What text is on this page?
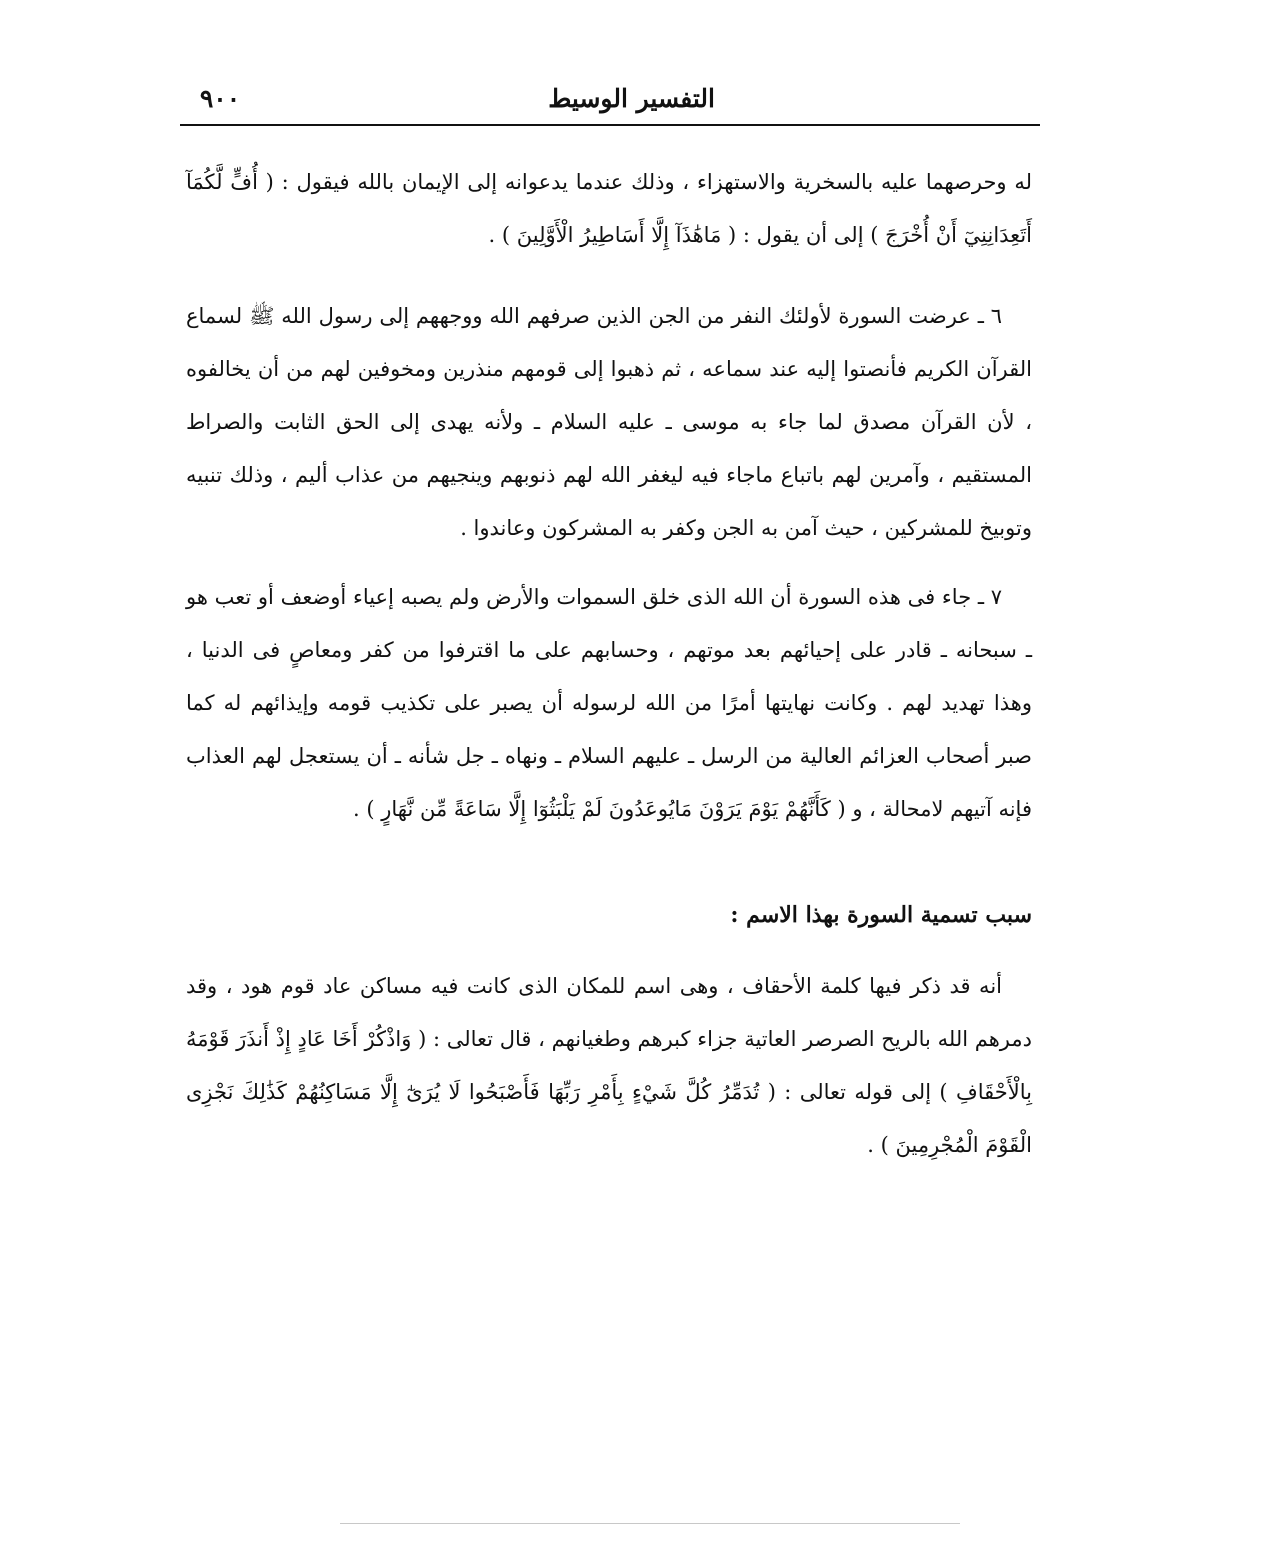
التفسير الوسيط
٩٠٠

له وحرصهما عليه بالسخرية والاستهزاء ، وذلك عندما يدعوانه إلى الإيمان بالله فيقول : ( أُفٍّ لَّكُمَآ أَتَعِدَانِنِيٓ أَنْ أُخْرَجَ ) إلى أن يقول : ( مَاهَٰذَآ إِلَّا أَسَاطِيرُ الْأَوَّلِينَ ) .

٦ ـ عرضت السورة لأولئك النفر من الجن الذين صرفهم الله ووجههم إلى رسول الله ﷺ لسماع القرآن الكريم فأنصتوا إليه عند سماعه ، ثم ذهبوا إلى قومهم منذرين ومخوفين لهم من أن يخالفوه ، لأن القرآن مصدق لما جاء به موسى ـ عليه السلام ـ ولأنه يهدى إلى الحق الثابت والصراط المستقيم ، وآمرين لهم باتباع ماجاء فيه ليغفر الله لهم ذنوبهم وينجيهم من عذاب أليم ، وذلك تنبيه وتوبيخ للمشركين ، حيث آمن به الجن وكفر به المشركون وعاندوا .

٧ ـ جاء فى هذه السورة أن الله الذى خلق السموات والأرض ولم يصبه إعياء أوضعف أو تعب هو ـ سبحانه ـ قادر على إحيائهم بعد موتهم ، وحسابهم على ما اقترفوا من كفر ومعاصٍ فى الدنيا ، وهذا تهديد لهم . وكانت نهايتها أمرًا من الله لرسوله أن يصبر على تكذيب قومه وإيذائهم له كما صبر أصحاب العزائم العالية من الرسل ـ عليهم السلام ـ ونهاه ـ جل شأنه ـ أن يستعجل لهم العذاب فإنه آتيهم لامحالة ، و ( كَأَنَّهُمْ يَوْمَ يَرَوْنَ مَايُوعَدُونَ لَمْ يَلْبَثُوٓا إِلَّا سَاعَةً مِّن نَّهَارٍ ) .

سبب تسمية السورة بهذا الاسم :

أنه قد ذكر فيها كلمة الأحقاف ، وهى اسم للمكان الذى كانت فيه مساكن عاد قوم هود ، وقد دمرهم الله بالريح الصرصر العاتية جزاء كبرهم وطغيانهم ، قال تعالى : ( وَاذْكُرْ أَخَا عَادٍ إِذْ أَنذَرَ قَوْمَهُ بِالْأَحْقَافِ ) إلى قوله تعالى : ( تُدَمِّرُ كُلَّ شَيْءٍ بِأَمْرِ رَبِّهَا فَأَصْبَحُوا لَا يُرَىٰٓ إِلَّا مَسَاكِنُهُمْ كَذَٰلِكَ نَجْزِى الْقَوْمَ الْمُجْرِمِينَ ) .
